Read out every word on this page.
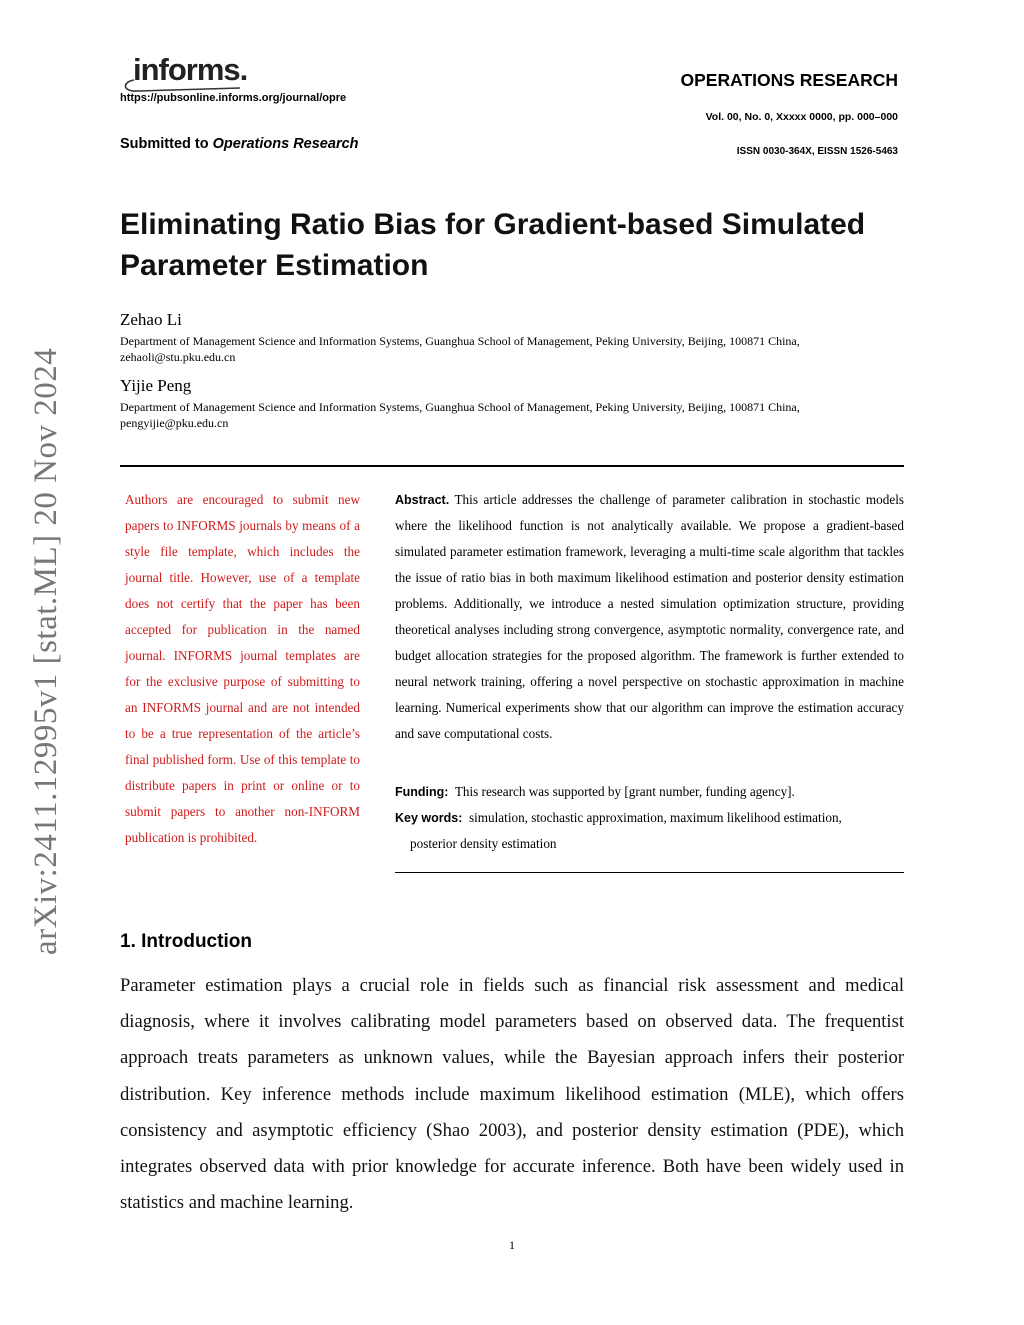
informs.
https://pubsonline.informs.org/journal/opre
OPERATIONS RESEARCH
Vol. 00, No. 0, Xxxxx 0000, pp. 000–000
ISSN 0030-364X, EISSN 1526-5463
Submitted to Operations Research
Eliminating Ratio Bias for Gradient-based Simulated Parameter Estimation
Zehao Li
Department of Management Science and Information Systems, Guanghua School of Management, Peking University, Beijing, 100871 China,
zehaoli@stu.pku.edu.cn
Yijie Peng
Department of Management Science and Information Systems, Guanghua School of Management, Peking University, Beijing, 100871 China,
pengyijie@pku.edu.cn
Authors are encouraged to submit new papers to INFORMS journals by means of a style file template, which includes the journal title. However, use of a template does not certify that the paper has been accepted for publication in the named journal. INFORMS journal templates are for the exclusive purpose of submitting to an INFORMS journal and are not intended to be a true representation of the article’s final published form. Use of this template to distribute papers in print or online or to submit papers to another non-INFORM publication is prohibited.
Abstract. This article addresses the challenge of parameter calibration in stochastic models where the likelihood function is not analytically available. We propose a gradient-based simulated parameter estimation framework, leveraging a multi-time scale algorithm that tackles the issue of ratio bias in both maximum likelihood estimation and posterior density estimation problems. Additionally, we introduce a nested simulation optimization structure, providing theoretical analyses including strong convergence, asymptotic normality, convergence rate, and budget allocation strategies for the proposed algorithm. The framework is further extended to neural network training, offering a novel perspective on stochastic approximation in machine learning. Numerical experiments show that our algorithm can improve the estimation accuracy and save computational costs.
Funding: This research was supported by [grant number, funding agency].
Key words: simulation, stochastic approximation, maximum likelihood estimation,
posterior density estimation
1. Introduction
Parameter estimation plays a crucial role in fields such as financial risk assessment and medical diagnosis, where it involves calibrating model parameters based on observed data. The frequentist approach treats parameters as unknown values, while the Bayesian approach infers their posterior distribution. Key inference methods include maximum likelihood estimation (MLE), which offers consistency and asymptotic efficiency (Shao 2003), and posterior density estimation (PDE), which integrates observed data with prior knowledge for accurate inference. Both have been widely used in statistics and machine learning.
1
arXiv:2411.12995v1 [stat.ML] 20 Nov 2024
